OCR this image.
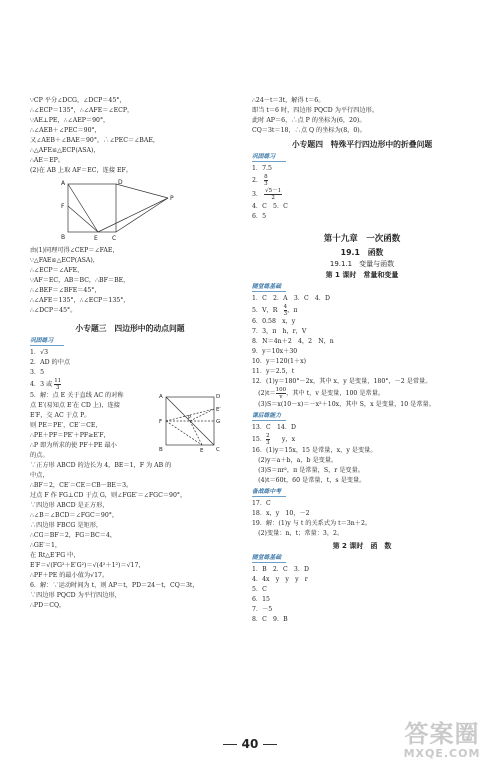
∵CP 平分∠DCG，∠DCP＝45°，
∴∠ECP＝135°，∴∠AFE＝∠ECP，
∵AE⊥PE，∴∠AEP＝90°，
∴∠AEB＋∠PEC＝90°，
又∠AEB＋∠BAE＝90°，∴∠PEC＝∠BAE，
∴△AFE≌△ECP(ASA)，
∴AE＝EP。
(2)在 AB 上取 AF＝EC，连接 EF。
A	D
F
P
B	E C
由(1)同理可得∠CEP＝∠FAE，
∵△FAE≌△ECP(ASA)，
∴∠ECP＝∠AFE，
∵AF＝EC，AB＝BC，∴BF＝BE，
∴∠BEF＝∠BFE＝45°，
∴∠AFE＝135°，∴∠ECP＝135°，
∴∠DCP＝45°。
小专题三　四边形中的动点问题
巩固练习
1．√3
2．AD 的中点
3．5
4．3 或 $\frac{11}{3}$
A	D
F
E′
P
G
B	E C
5．解：点 E 关于直线 AC 的对称
点 E′(易知点 E′在 CD 上)，连接
E′F，交 AC 于点 P。
则 PE＝PE′，CE′＝CE，
∴PE＋PF＝PE′＋PF≥E′F，
∴P 即为所求的使 PF＋PE 最小
的点。
∵正方形 ABCD 的边长为 4，BE＝1，F 为 AB 的
中点，
∴BF＝2，CE′＝CE＝CB－BE＝3。
过点 F 作 FG⊥CD 于点 G，则∠FGE′＝∠FGC＝90°，
∵四边形 ABCD 是正方形，
∴∠B＝∠BCD＝∠FGC＝90°，
∴四边形 FBCG 是矩形，
∴CG＝BF＝2，FG＝BC＝4，
∴GE′＝1，
在 Rt△E′FG 中，
E′F＝√(FG²＋E′G²)＝√(4²＋1²)＝√17，
∴PF＋PE 的最小值为√17。
6．解：∵运动时间为 t，则 AP＝t，PD＝24－t，CQ＝3t，
∵四边形 PQCD 为平行四边形，
∴PD＝CQ，
∴24－t＝3t，解得 t＝6。
即当 t＝6 时，四边形 PQCD 为平行四边形。
此时 AP＝6，∴点 P 的坐标为(6，20)。
CQ＝3t＝18，∴点 Q 的坐标为(8，0)。
小专题四　特殊平行四边形中的折叠问题
巩固练习
1．7.5
2． $\frac{8}{3}$
3． $\frac{√5-1}{2}$
4．C　5．C
6．5
第十九章　一次函数
19.1　函数
19.1.1　变量与函数
第 1 课时　常量和变量
随堂练基础
1．C　2．A　3．C　4．D
5．V，R　 $\frac{4}{3}$ ，π
6．0.58　x，y
7．3，π　h，r，V
8．N＝4n＋2　4，2　N，n
9．y＝10x＋30
10．y＝120(1＋x)
11．y＝2.5，t
12．(1)y＝180°－2x，其中 x，y 是变量，180°，－2 是常量。
　$(2)t= \frac{100}{v}$ ，其中 t，v 是变量，100 是常量。
　(3)S＝x(10－x)＝－x²＋10x，其中 S，x 是变量，10 是常量。
课后练能力
13．C　14．D
15． $\frac{2}{3}$ 　　y，x
16．(1)y＝15x，15 是常量，x，y 是变量。
　(2)y＝a＋b，a，b 是变量。
　(3)S＝πr²，π 是常量，S，r 是变量。
　(4)t＝60t，60 是常量，t，s 是变量。
备战练中考
17．C
18．x，y　10，－2
19．解：(1)y 与 t 的关系式为 t＝3n＋2。
　(2)变量：n，t；常量：3，2。
第 2 课时　函　数
随堂练基础
1．B　2．C　3．D
4．4x　y　y　y　r
5．C
6．15
7．－5
8．C　9．B
40	答案圈
MXQE.COM
